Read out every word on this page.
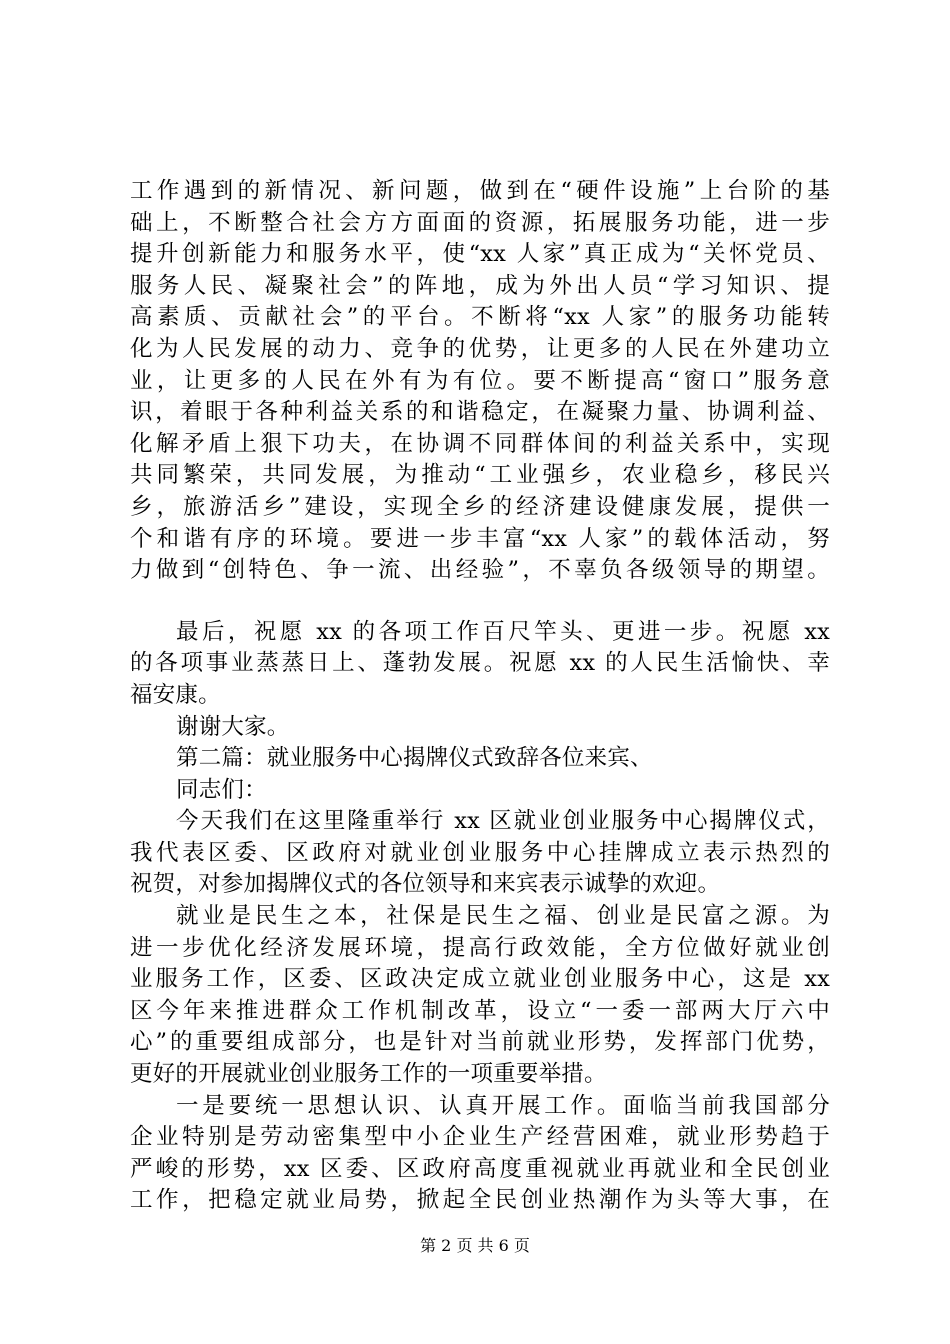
工作遇到的新情况、新问题，做到在“硬件设施”上台阶的基
础上，不断整合社会方方面面的资源，拓展服务功能，进一步
提升创新能力和服务水平，使“xx 人家”真正成为“关怀党员、
服务人民、凝聚社会”的阵地，成为外出人员“学习知识、提
高素质、贡献社会”的平台。不断将“xx 人家”的服务功能转
化为人民发展的动力、竞争的优势，让更多的人民在外建功立
业，让更多的人民在外有为有位。要不断提高“窗口”服务意
识，着眼于各种利益关系的和谐稳定，在凝聚力量、协调利益、
化解矛盾上狠下功夫，在协调不同群体间的利益关系中，实现
共同繁荣，共同发展，为推动“工业强乡，农业稳乡，移民兴
乡，旅游活乡”建设，实现全乡的经济建设健康发展，提供一
个和谐有序的环境。要进一步丰富“xx 人家”的载体活动，努
力做到“创特色、争一流、出经验”，不辜负各级领导的期望。
最后，祝愿 xx 的各项工作百尺竿头、更进一步。祝愿 xx
的各项事业蒸蒸日上、蓬勃发展。祝愿 xx 的人民生活愉快、幸
福安康。
谢谢大家。
第二篇：就业服务中心揭牌仪式致辞各位来宾、
同志们：
今天我们在这里隆重举行 xx 区就业创业服务中心揭牌仪式，
我代表区委、区政府对就业创业服务中心挂牌成立表示热烈的
祝贺，对参加揭牌仪式的各位领导和来宾表示诚挚的欢迎。
就业是民生之本，社保是民生之福、创业是民富之源。为
进一步优化经济发展环境，提高行政效能，全方位做好就业创
业服务工作，区委、区政决定成立就业创业服务中心，这是 xx
区今年来推进群众工作机制改革，设立“一委一部两大厅六中
心”的重要组成部分，也是针对当前就业形势，发挥部门优势，
更好的开展就业创业服务工作的一项重要举措。
一是要统一思想认识、认真开展工作。面临当前我国部分
企业特别是劳动密集型中小企业生产经营困难，就业形势趋于
严峻的形势，xx 区委、区政府高度重视就业再就业和全民创业
工作，把稳定就业局势，掀起全民创业热潮作为头等大事，在
第 2 页 共 6 页
